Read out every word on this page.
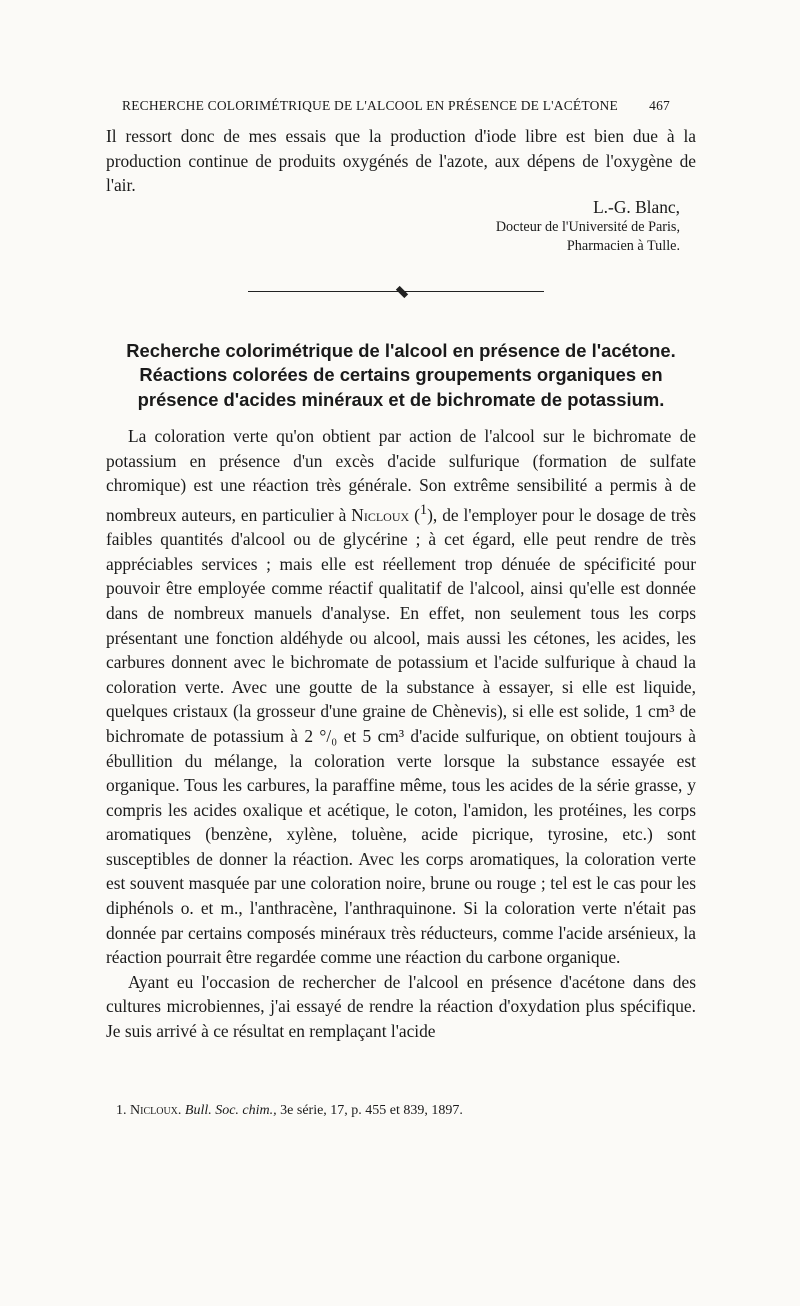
RECHERCHE COLORIMÉTRIQUE DE L'ALCOOL EN PRÉSENCE DE L'ACÉTONE 467

Il ressort donc de mes essais que la production d'iode libre est bien due à la production continue de produits oxygénés de l'azote, aux dépens de l'oxygène de l'air.

L.-G. Blanc,
Docteur de l'Université de Paris,
Pharmacien à Tulle.
Recherche colorimétrique de l'alcool en présence de l'acétone.
Réactions colorées de certains groupements organiques en
présence d'acides minéraux et de bichromate de potassium.

La coloration verte qu'on obtient par action de l'alcool sur le bichromate de potassium en présence d'un excès d'acide sulfurique (formation de sulfate chromique) est une réaction très générale. Son extrême sensibilité a permis à de nombreux auteurs, en particulier à Nicloux ($^1$), de l'employer pour le dosage de très faibles quantités d'alcool ou de glycérine ; à cet égard, elle peut rendre de très appréciables services ; mais elle est réellement trop dénuée de spécificité pour pouvoir être employée comme réactif qualitatif de l'alcool, ainsi qu'elle est donnée dans de nombreux manuels d'analyse. En effet, non seulement tous les corps présentant une fonction aldéhyde ou alcool, mais aussi les cétones, les acides, les carbures donnent avec le bichromate de potassium et l'acide sulfurique à chaud la coloration verte. Avec une goutte de la substance à essayer, si elle est liquide, quelques cristaux (la grosseur d'une graine de Chènevis), si elle est solide, 1 cm³ de bichromate de potassium à 2 °/₀ et 5 cm³ d'acide sulfurique, on obtient toujours à ébullition du mélange, la coloration verte lorsque la substance essayée est organique. Tous les carbures, la paraffine même, tous les acides de la série grasse, y compris les acides oxalique et acétique, le coton, l'amidon, les protéines, les corps aromatiques (benzène, xylène, toluène, acide picrique, tyrosine, etc.) sont susceptibles de donner la réaction. Avec les corps aromatiques, la coloration verte est souvent masquée par une coloration noire, brune ou rouge ; tel est le cas pour les diphénols o. et m., l'anthracène, l'anthraquinone. Si la coloration verte n'était pas donnée par certains composés minéraux très réducteurs, comme l'acide arsénieux, la réaction pourrait être regardée comme une réaction du carbone organique.

Ayant eu l'occasion de rechercher de l'alcool en présence d'acétone dans des cultures microbiennes, j'ai essayé de rendre la réaction d'oxydation plus spécifique. Je suis arrivé à ce résultat en remplaçant l'acide

1. Nicloux. Bull. Soc. chim., 3e série, 17, p. 455 et 839, 1897.
